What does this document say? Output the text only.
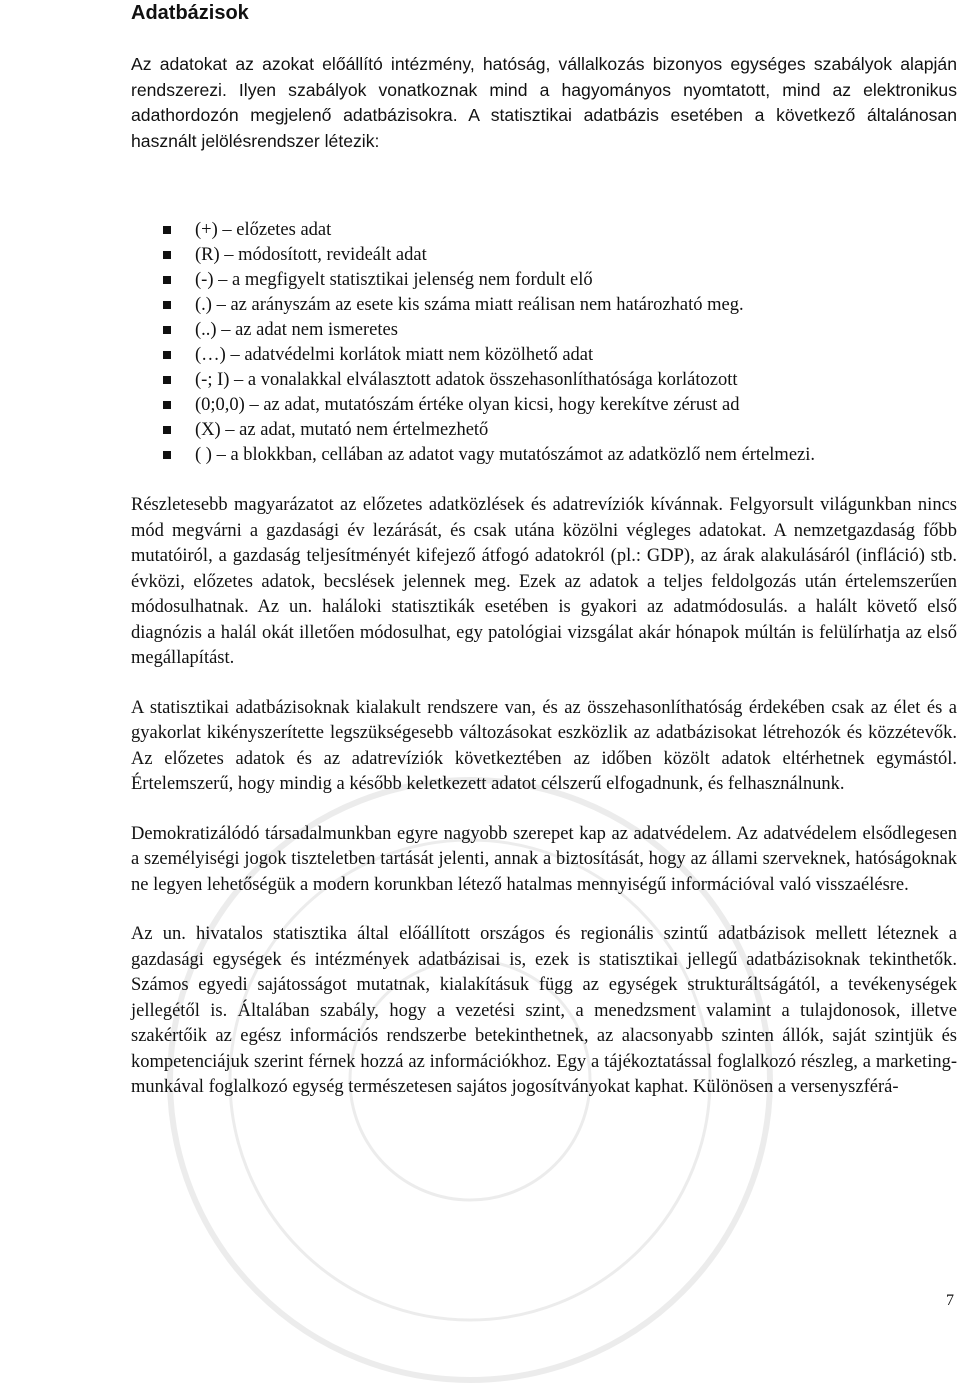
Adatbázisok

Az adatokat az azokat előállító intézmény, hatóság, vállalkozás bizonyos egységes szabályok alapján rendszerezi. Ilyen szabályok vonatkoznak mind a hagyományos nyomtatott, mind az elektronikus adathordozón megjelenő adatbázisokra. A statisztikai adatbázis esetében a következő általánosan használt jelölésrendszer létezik:

(+) – előzetes adat
(R) – módosított, revideált adat
(-) – a megfigyelt statisztikai jelenség nem fordult elő
(.) – az arányszám az esete kis száma miatt reálisan nem határozható meg.
(..) – az adat nem ismeretes
(…) – adatvédelmi korlátok miatt nem közölhető adat
(-; I) – a vonalakkal elválasztott adatok összehasonlíthatósága korlátozott
(0;0,0) – az adat, mutatószám értéke olyan kicsi, hogy kerekítve zérust ad
(X) – az adat, mutató nem értelmezhető
( ) – a blokkban, cellában az adatot vagy mutatószámot az adatközlő nem értelmezi.

Részletesebb magyarázatot az előzetes adatközlések és adatrevíziók kívánnak. Felgyorsult világunkban nincs mód megvárni a gazdasági év lezárását, és csak utána közölni végleges adatokat. A nemzetgazdaság főbb mutatóiról, a gazdaság teljesítményét kifejező átfogó adatokról (pl.: GDP), az árak alakulásáról (infláció) stb. évközi, előzetes adatok, becslések jelennek meg. Ezek az adatok a teljes feldolgozás után értelemszerűen módosulhatnak. Az un. haláloki statisztikák esetében is gyakori az adatmódosulás. a halált követő első diagnózis a halál okát illetően módosulhat, egy patológiai vizsgálat akár hónapok múltán is felülírhatja az első megállapítást.

A statisztikai adatbázisoknak kialakult rendszere van, és az összehasonlíthatóság érdekében csak az élet és a gyakorlat kikényszerítette legszükségesebb változásokat eszközlik az adatbázisokat létrehozók és közzétevők. Az előzetes adatok és az adatrevíziók következtében az időben közölt adatok eltérhetnek egymástól. Értelemszerű, hogy mindig a később keletkezett adatot célszerű elfogadnunk, és felhasználnunk.

Demokratizálódó társadalmunkban egyre nagyobb szerepet kap az adatvédelem. Az adatvédelem elsődlegesen a személyiségi jogok tiszteletben tartását jelenti, annak a biztosítását, hogy az állami szerveknek, hatóságoknak ne legyen lehetőségük a modern korunkban létező hatalmas mennyiségű információval való visszaélésre.

Az un. hivatalos statisztika által előállított országos és regionális szintű adatbázisok mellett léteznek a gazdasági egységek és intézmények adatbázisai is, ezek is statisztikai jellegű adatbázisoknak tekinthetők. Számos egyedi sajátosságot mutatnak, kialakításuk függ az egységek strukturáltságától, a tevékenységek jellegétől is. Általában szabály, hogy a vezetési szint, a menedzsment valamint a tulajdonosok, illetve szakértőik az egész információs rendszerbe betekinthetnek, az alacsonyabb szinten állók, saját szintjük és kompetenciájuk szerint férnek hozzá az információkhoz. Egy a tájékoztatással foglalkozó részleg, a marketing- munkával foglalkozó egység természetesen sajátos jogosítványokat kaphat. Különösen a versenyszférá-

7
